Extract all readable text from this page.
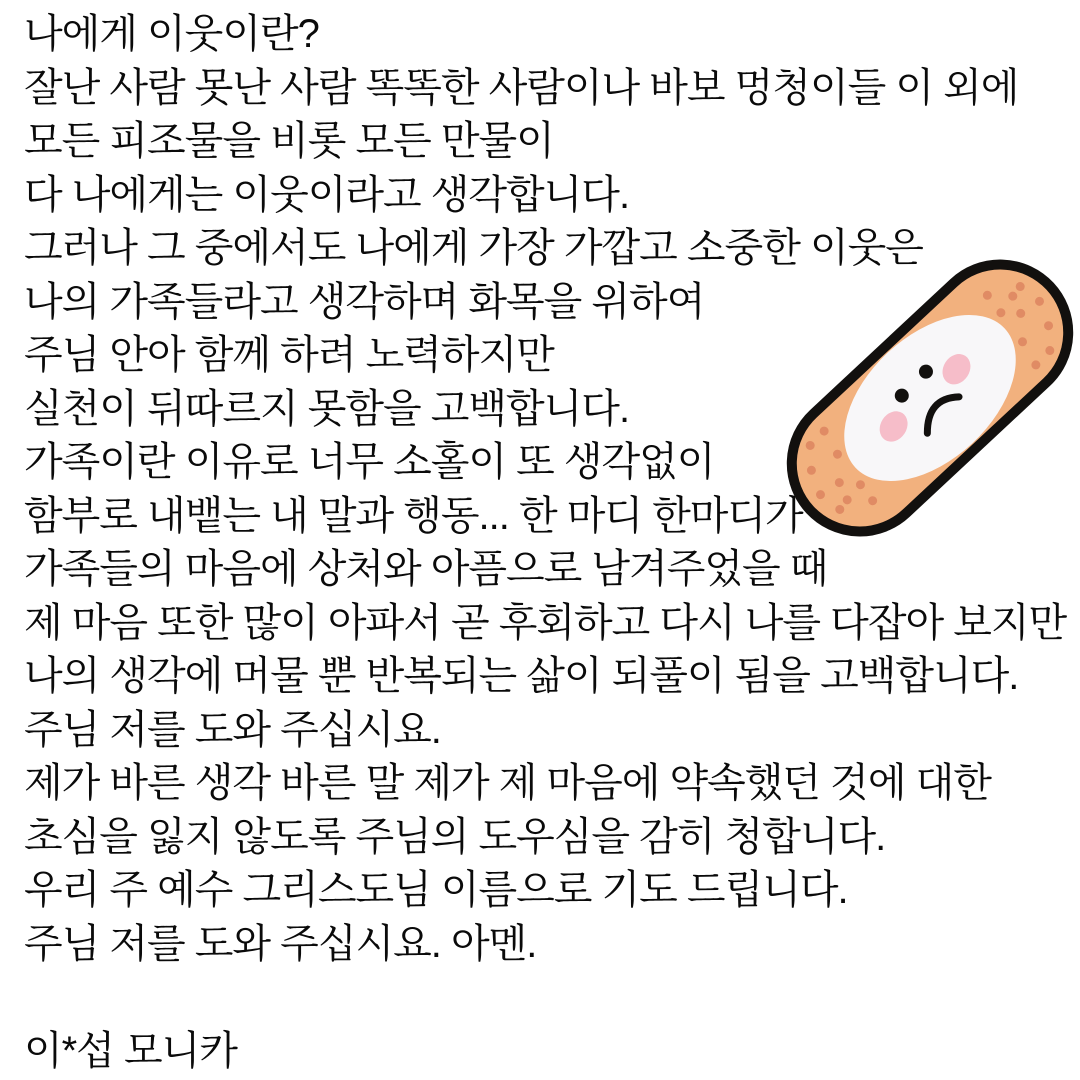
나에게 이웃이란?
잘난 사람 못난 사람 똑똑한 사람이나 바보 멍청이들 이 외에
모든 피조물을 비롯 모든 만물이
다 나에게는 이웃이라고 생각합니다.
그러나 그 중에서도 나에게 가장 가깝고 소중한 이웃은
나의 가족들라고 생각하며 화목을 위하여
주님 안아 함께 하려 노력하지만
실천이 뒤따르지 못함을 고백합니다.
가족이란 이유로 너무 소홀이 또 생각없이
함부로 내뱉는 내 말과 행동... 한 마디 한마디가
가족들의 마음에 상처와 아픔으로 남겨주었을 때
제 마음 또한 많이 아파서 곧 후회하고 다시 나를 다잡아 보지만
나의 생각에 머물 뿐 반복되는 삶이 되풀이 됨을 고백합니다.
주님 저를 도와 주십시요.
제가 바른 생각 바른 말 제가 제 마음에 약속했던 것에 대한
초심을 잃지 않도록 주님의 도우심을 감히 청합니다.
우리 주 예수 그리스도님 이름으로 기도 드립니다.
주님 저를 도와 주십시요. 아멘.
이*섭 모니카
